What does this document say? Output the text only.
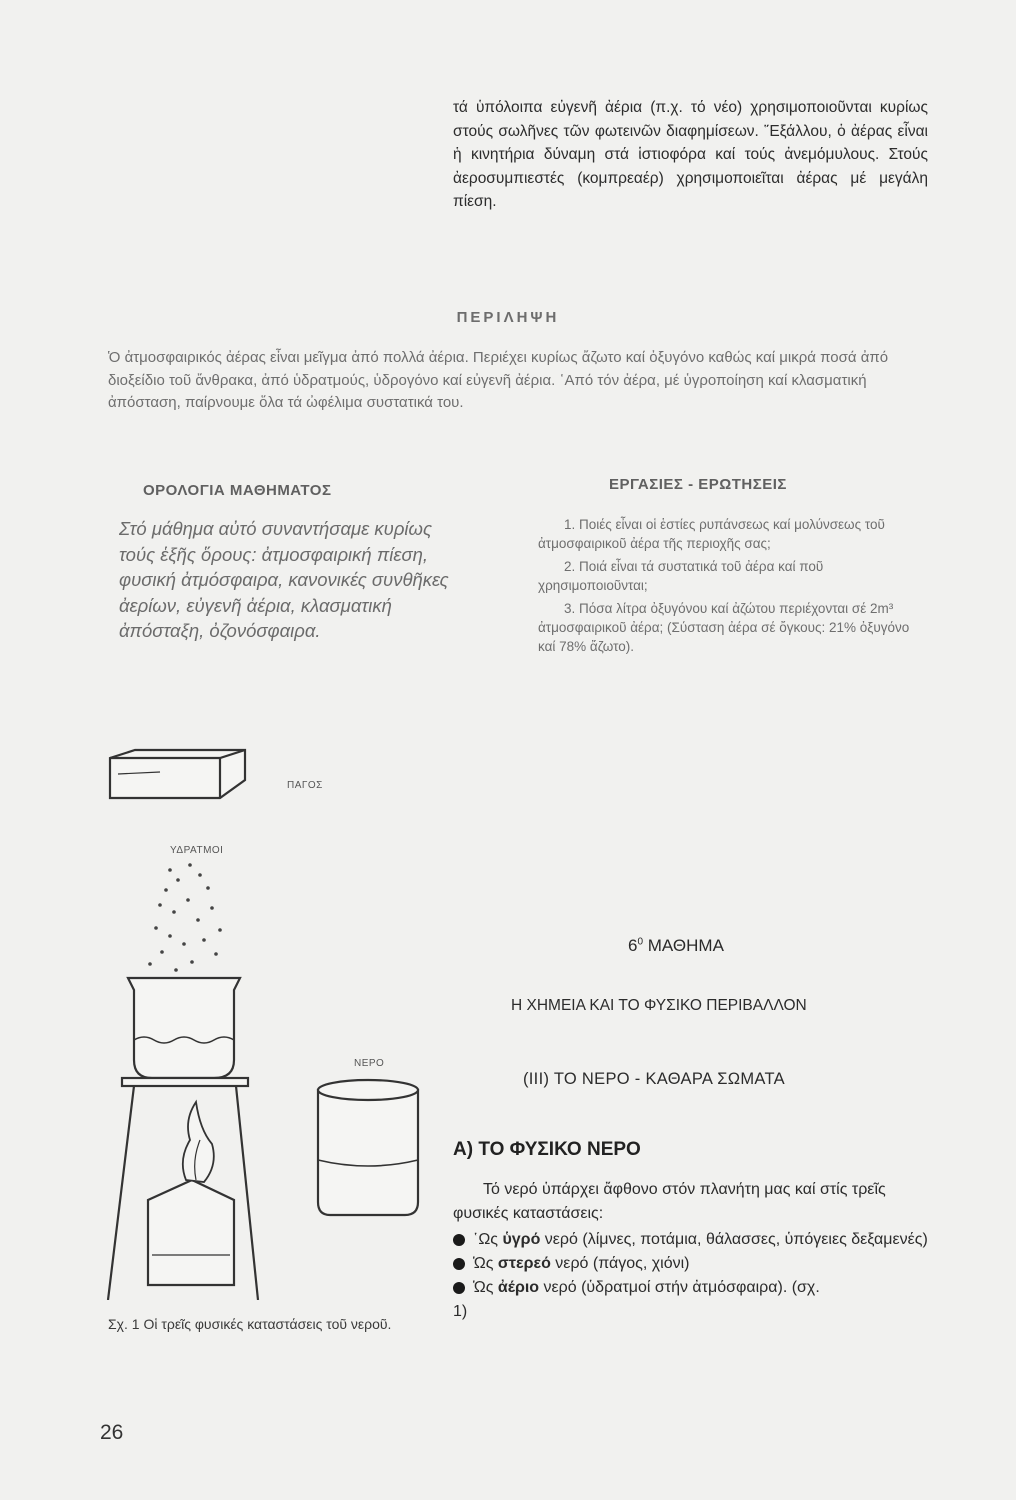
τά ὑπόλοιπα εὐγενῆ ἀέρια (π.χ. τό νέο) χρησιμοποιοῦνται κυρίως στούς σωλῆνες τῶν φωτεινῶν διαφημίσεων. ῞Εξάλλου, ὁ ἀέρας εἶναι ἡ κινητήρια δύναμη στά ἱστιοφόρα καί τούς ἀνεμόμυλους. Στούς ἀεροσυμπιεστές (κομπρεαέρ) χρησιμοποιεῖται ἀέρας μέ μεγάλη πίεση.

ΠΕΡΙΛΗΨΗ

Ὁ ἀτμοσφαιρικός ἀέρας εἶναι μεῖγμα ἀπό πολλά ἀέρια. Περιέχει κυρίως ἄζωτο καί ὀξυγόνο καθώς καί μικρά ποσά ἀπό διοξείδιο τοῦ ἄνθρακα, ἀπό ὑδρατμούς, ὑδρογόνο καί εὐγενῆ ἀέρια. ῾Από τόν ἀέρα, μέ ὑγροποίηση καί κλασματική ἀπόσταση, παίρνουμε ὅλα τά ὠφέλιμα συστατικά του.

ΟΡΟΛΟΓΙΑ ΜΑΘΗΜΑΤΟΣ

Στό μάθημα αὐτό συναντήσαμε κυρίως τούς ἑξῆς ὅρους: ἀτμοσφαιρική πίεση, φυσική ἀτμόσφαιρα, κανονικές συνθῆκες ἀερίων, εὐγενῆ ἀέρια, κλασματική ἀπόσταξη, ὀζονόσφαιρα.

ΕΡΓΑΣΙΕΣ - ΕΡΩΤΗΣΕΙΣ
1. Ποιές εἶναι οἱ ἑστίες ρυπάνσεως καί μολύνσεως τοῦ ἀτμοσφαιρικοῦ ἀέρα τῆς περιοχῆς σας;
2. Ποιά εἶναι τά συστατικά τοῦ ἀέρα καί ποῦ χρησιμοποιοῦνται;
3. Πόσα λίτρα ὀξυγόνου καί ἀζώτου περιέχονται σέ 2m³ ἀτμοσφαιρικοῦ ἀέρα; (Σύσταση ἀέρα σέ ὄγκους: 21% ὀξυγόνο καί 78% ἄζωτο).
ΠΑΓΟΣ
ΥΔΡΑΤΜΟΙ
ΝΕΡΟ

Σχ. 1 Οἱ τρεῖς φυσικές καταστάσεις τοῦ νεροῦ.

$6^0$ ΜΑΘΗΜΑ
Η ΧΗΜΕΙΑ ΚΑΙ ΤΟ ΦΥΣΙΚΟ ΠΕΡΙΒΑΛΛΟΝ
(ΙΙΙ) ΤΟ ΝΕΡΟ - ΚΑΘΑΡΑ ΣΩΜΑΤΑ
Α) ΤΟ ΦΥΣΙΚΟ ΝΕΡΟ

Τό νερό ὑπάρχει ἄφθονο στόν πλανήτη μας καί στίς τρεῖς φυσικές καταστάσεις:

῾Ως ὑγρό νερό (λίμνες, ποτάμια, θάλασσες, ὑπόγειες δεξαμενές)
Ὡς στερεό νερό (πάγος, χιόνι)
Ὡς ἀέριο νερό (ὑδρατμοί στήν ἀτμόσφαιρα). (σχ.
1)
26
